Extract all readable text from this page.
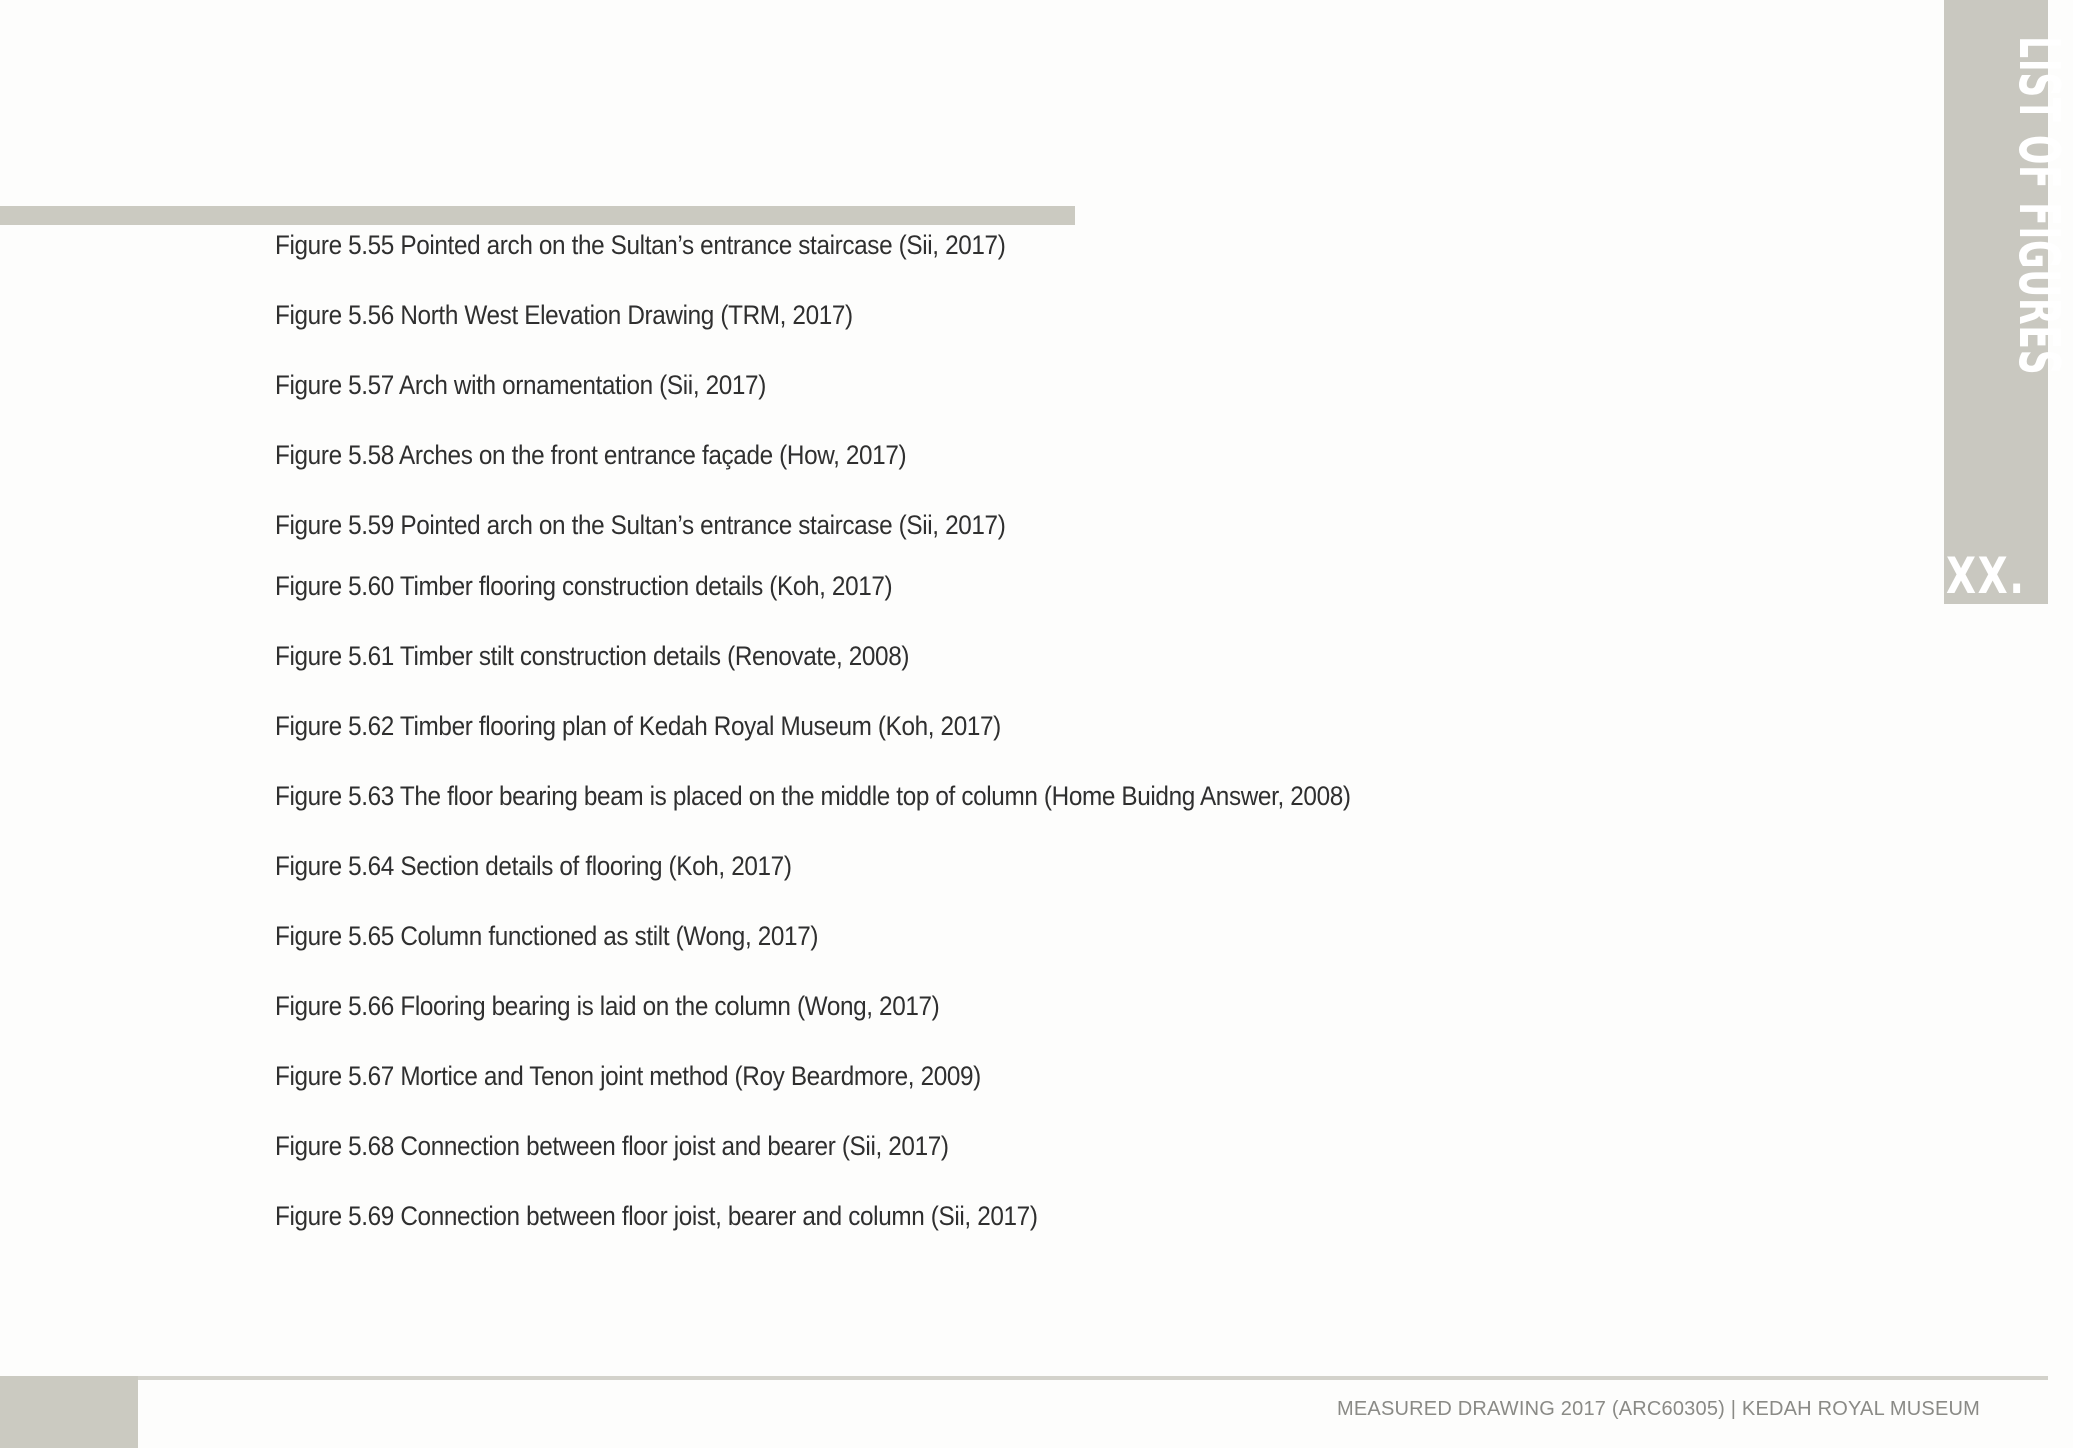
LIST OF FIGURES
XX.
Figure 5.55 Pointed arch on the Sultan’s entrance staircase (Sii, 2017)
Figure 5.56 North West Elevation Drawing (TRM, 2017)
Figure 5.57 Arch with ornamentation (Sii, 2017)
Figure 5.58 Arches on the front entrance façade (How, 2017)
Figure 5.59 Pointed arch on the Sultan’s entrance staircase (Sii, 2017)
Figure 5.60 Timber flooring construction details (Koh, 2017)
Figure 5.61 Timber stilt construction details (Renovate, 2008)
Figure 5.62 Timber flooring plan of Kedah Royal Museum (Koh, 2017)
Figure 5.63 The floor bearing beam is placed on the middle top of column (Home Buidng Answer, 2008)
Figure 5.64 Section details of flooring (Koh, 2017)
Figure 5.65 Column functioned as stilt (Wong, 2017)
Figure 5.66 Flooring bearing is laid on the column (Wong, 2017)
Figure 5.67 Mortice and Tenon joint method (Roy Beardmore, 2009)
Figure 5.68 Connection between floor joist and bearer (Sii, 2017)
Figure 5.69 Connection between floor joist, bearer and column (Sii, 2017)
MEASURED DRAWING 2017 (ARC60305) | KEDAH ROYAL MUSEUM
